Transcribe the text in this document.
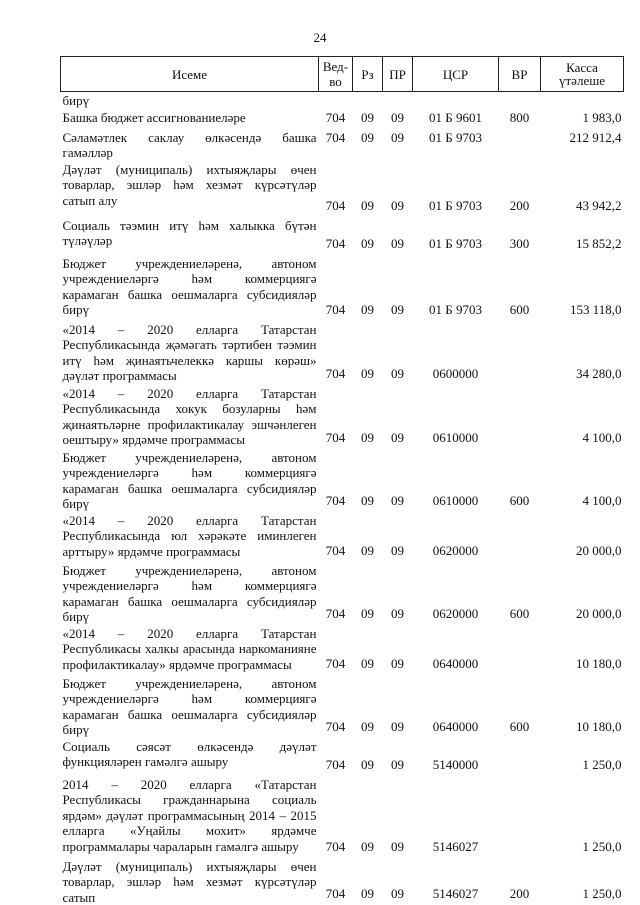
24
Исеме	Вед-во	Рз	ПР	ЦСР	ВР	Касса үтәлеше
бирү						
Башка бюджет ассигнованиеләре	704	09	09	01 Б 9601	800	1 983,0
Сәламәтлек саклау өлкәсендә башка гамәлләр	704	09	09	01 Б 9703		212 912,4
Дәүләт (муниципаль) ихтыяҗлары өчен товарлар, эшләр һәм хезмәт күрсәтүләр сатып алу	704	09	09	01 Б 9703	200	43 942,2
Социаль тәэмин итү һәм халыкка бүтән түләүләр	704	09	09	01 Б 9703	300	15 852,2
Бюджет учреждениеләренә, автоном учреждениеләргә һәм коммерциягә карамаган башка оешмаларга субсидияләр бирү	704	09	09	01 Б 9703	600	153 118,0
«2014 – 2020 елларга Татарстан Республикасында җәмәгать тәртибен тәэмин итү һәм җинаятьчелеккә каршы көрәш» дәүләт программасы	704	09	09	0600000		34 280,0
«2014 – 2020 елларга Татарстан Республикасында хокук бозуларны һәм җинаятьләрне профилактикалау эшчәнлеген оештыру» ярдәмче программасы	704	09	09	0610000		4 100,0
Бюджет учреждениеләренә, автоном учреждениеләргә һәм коммерциягә карамаган башка оешмаларга субсидияләр бирү	704	09	09	0610000	600	4 100,0
«2014 – 2020 елларга Татарстан Республикасында юл хәрәкәте иминлеген арттыру» ярдәмче программасы	704	09	09	0620000		20 000,0
Бюджет учреждениеләренә, автоном учреждениеләргә һәм коммерциягә карамаган башка оешмаларга субсидияләр бирү	704	09	09	0620000	600	20 000,0
«2014 – 2020 елларга Татарстан Республикасы халкы арасында наркоманияне профилактикалау» ярдәмче программасы	704	09	09	0640000		10 180,0
Бюджет учреждениеләренә, автоном учреждениеләргә һәм коммерциягә карамаган башка оешмаларга субсидияләр бирү	704	09	09	0640000	600	10 180,0
Социаль сәясәт өлкәсендә дәүләт функцияләрен гамәлгә ашыру	704	09	09	5140000		1 250,0
2014 – 2020 елларга «Татарстан Республикасы гражданнарына социаль ярдәм» дәүләт программасының 2014 – 2015 елларга «Уңайлы мохит» ярдәмче программалары чараларын гамәлгә ашыру	704	09	09	5146027		1 250,0
Дәүләт (муниципаль) ихтыяҗлары өчен товарлар, эшләр һәм хезмәт күрсәтүләр сатып	704	09	09	5146027	200	1 250,0
